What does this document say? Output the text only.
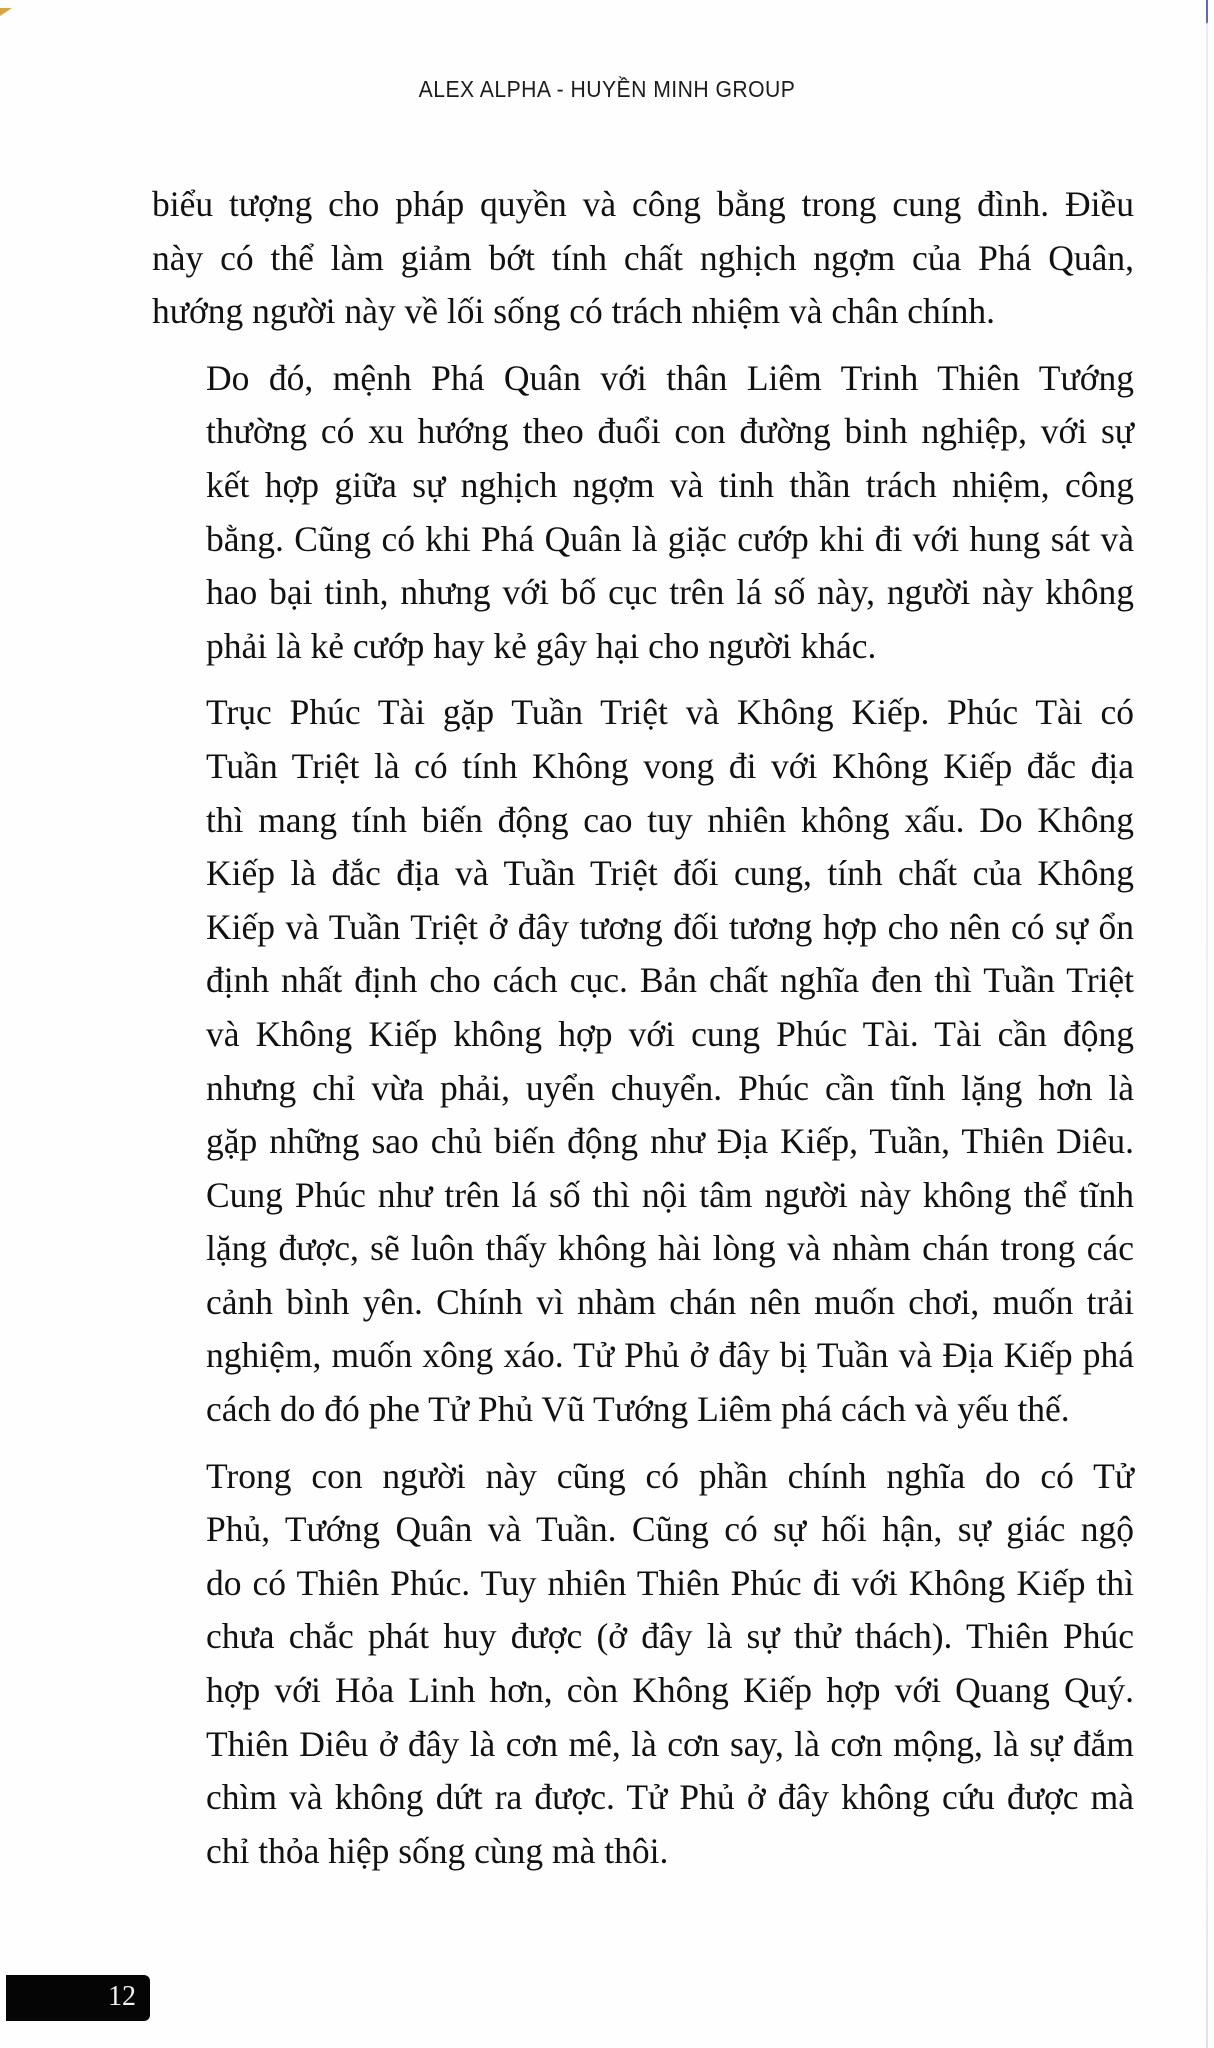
ALEX ALPHA - HUYỀN MINH GROUP
biểu tượng cho pháp quyền và công bằng trong cung đình. Điều
này có thể làm giảm bớt tính chất nghịch ngợm của Phá Quân,
hướng người này về lối sống có trách nhiệm và chân chính.
Do đó, mệnh Phá Quân với thân Liêm Trinh Thiên Tướng
thường có xu hướng theo đuổi con đường binh nghiệp, với sự
kết hợp giữa sự nghịch ngợm và tinh thần trách nhiệm, công
bằng. Cũng có khi Phá Quân là giặc cướp khi đi với hung sát và
hao bại tinh, nhưng với bố cục trên lá số này, người này không
phải là kẻ cướp hay kẻ gây hại cho người khác.
Trục Phúc Tài gặp Tuần Triệt và Không Kiếp. Phúc Tài có
Tuần Triệt là có tính Không vong đi với Không Kiếp đắc địa
thì mang tính biến động cao tuy nhiên không xấu. Do Không
Kiếp là đắc địa và Tuần Triệt đối cung, tính chất của Không
Kiếp và Tuần Triệt ở đây tương đối tương hợp cho nên có sự ổn
định nhất định cho cách cục. Bản chất nghĩa đen thì Tuần Triệt
và Không Kiếp không hợp với cung Phúc Tài. Tài cần động
nhưng chỉ vừa phải, uyển chuyển. Phúc cần tĩnh lặng hơn là
gặp những sao chủ biến động như Địa Kiếp, Tuần, Thiên Diêu.
Cung Phúc như trên lá số thì nội tâm người này không thể tĩnh
lặng được, sẽ luôn thấy không hài lòng và nhàm chán trong các
cảnh bình yên. Chính vì nhàm chán nên muốn chơi, muốn trải
nghiệm, muốn xông xáo. Tử Phủ ở đây bị Tuần và Địa Kiếp phá
cách do đó phe Tử Phủ Vũ Tướng Liêm phá cách và yếu thế.
Trong con người này cũng có phần chính nghĩa do có Tử
Phủ, Tướng Quân và Tuần. Cũng có sự hối hận, sự giác ngộ
do có Thiên Phúc. Tuy nhiên Thiên Phúc đi với Không Kiếp thì
chưa chắc phát huy được (ở đây là sự thử thách). Thiên Phúc
hợp với Hỏa Linh hơn, còn Không Kiếp hợp với Quang Quý.
Thiên Diêu ở đây là cơn mê, là cơn say, là cơn mộng, là sự đắm
chìm và không dứt ra được. Tử Phủ ở đây không cứu được mà
chỉ thỏa hiệp sống cùng mà thôi.
12
